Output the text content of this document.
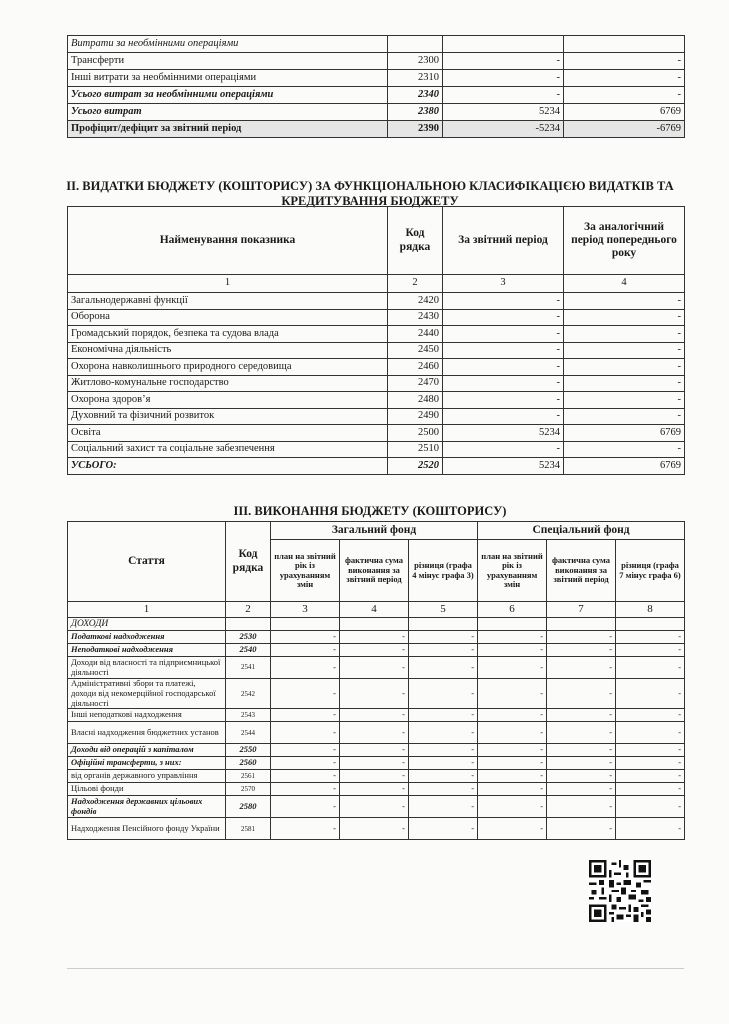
Витрати за необмінними операціями			
Трансферти	2300	-	-
Інші витрати за необмінними операціями	2310	-	-
Усього витрат за необмінними операціями	2340	-	-
Усього витрат	2380	5234	6769
Профіцит/дефіцит за звітний період	2390	-5234	-6769
II. ВИДАТКИ БЮДЖЕТУ (КОШТОРИСУ) ЗА ФУНКЦІОНАЛЬНОЮ КЛАСИФІКАЦІЄЮ ВИДАТКІВ ТА КРЕДИТУВАННЯ БЮДЖЕТУ
Найменування показника	Код рядка	За звітний період	За аналогічний період попереднього року
1	2	3	4
Загальнодержавні функції	2420	-	-
Оборона	2430	-	-
Громадський порядок, безпека та судова влада	2440	-	-
Економічна діяльність	2450	-	-
Охорона навколишнього природного середовища	2460	-	-
Житлово-комунальне господарство	2470	-	-
Охорона здоров’я	2480	-	-
Духовний та фізичний розвиток	2490	-	-
Освіта	2500	5234	6769
Соціальний захист та соціальне забезпечення	2510	-	-
УСЬОГО:	2520	5234	6769
III. ВИКОНАННЯ БЮДЖЕТУ (КОШТОРИСУ)
Стаття	Код рядка	Загальний фонд			Спеціальний фонд		
		план на звітний рік із урахуванням змін	фактична сума виконання за звітний період	різниця (графа 4 мінус графа 3)	план на звітний рік із урахуванням змін	фактична сума виконання за звітний період	різниця (графа 7 мінус графа 6)
1	2	3	4	5	6	7	8
ДОХОДИ							
Податкові надходження	2530	-	-	-	-	-	-
Неподаткові надходження	2540	-	-	-	-	-	-
Доходи від власності та підприємницької діяльності	2541	-	-	-	-	-	-
Адміністративні збори та платежі, доходи від некомерційної господарської діяльності	2542	-	-	-	-	-	-
Інші неподаткові надходження	2543	-	-	-	-	-	-
Власні надходження бюджетних установ	2544	-	-	-	-	-	-
Доходи від операцій з капіталом	2550	-	-	-	-	-	-
Офіційні трансферти, з них:	2560	-	-	-	-	-	-
від органів державного управління	2561	-	-	-	-	-	-
Цільові фонди	2570	-	-	-	-	-	-
Надходження державних цільових фондів	2580	-	-	-	-	-	-
Надходження Пенсійного фонду України	2581	-	-	-	-	-	-
